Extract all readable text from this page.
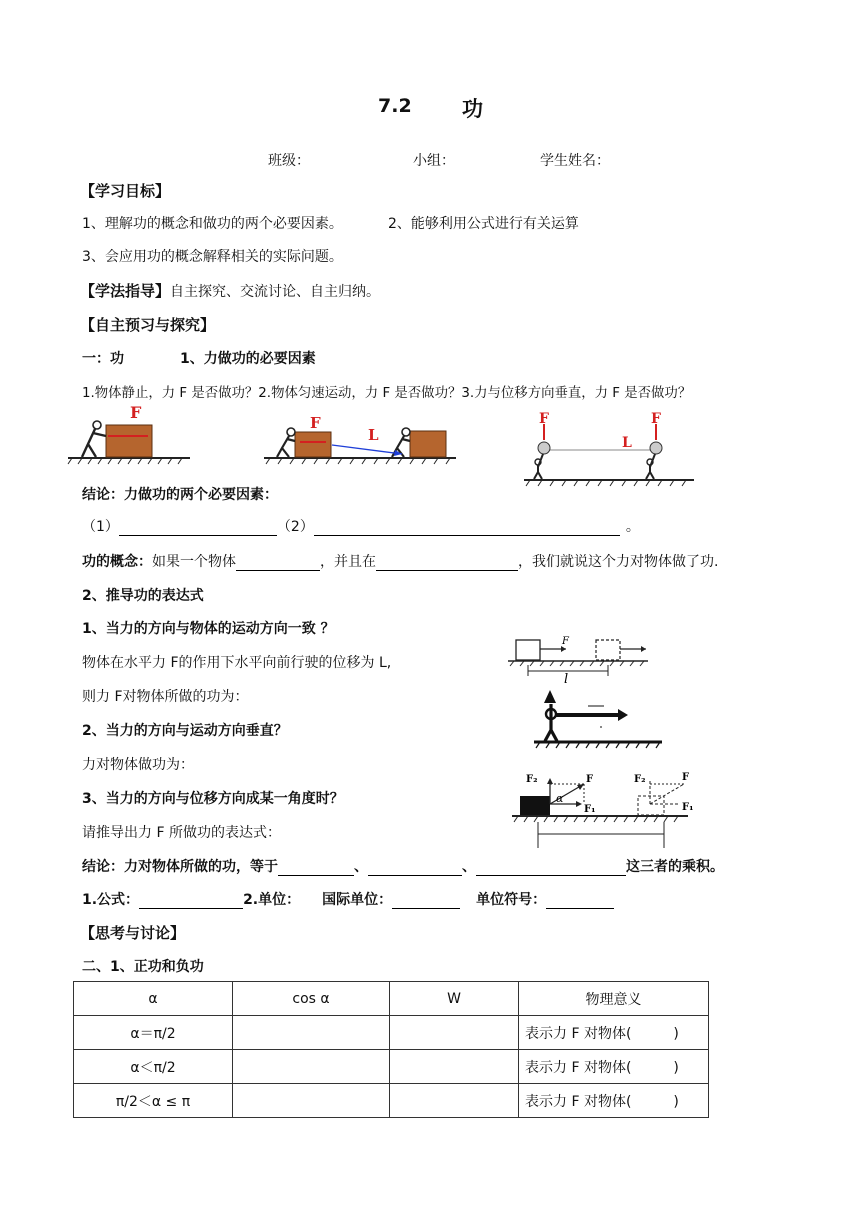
7.2 功
班级：	小组：	学生姓名：
【学习目标】
1、理解功的概念和做功的两个必要因素。	2、能够利用公式进行有关运算
3、会应用功的概念解释相关的实际问题。
【学法指导】自主探究、交流讨论、自主归纳。
【自主预习与探究】
一：功	1、力做功的必要因素
1.物体静止，力 F 是否做功？2.物体匀速运动，力 F 是否做功？3.力与位移方向垂直，力 F 是否做功？
F
F
L
F	F
L
结论：力做功的两个必要因素：
（1）	（2）	。
功的概念：如果一个物体	，并且在	，我们就说这个力对物体做了功.
2、推导功的表达式
1、当力的方向与物体的运动方向一致 ？
物体在水平力 F的作用下水平向前行驶的位移为 L,
则力 F对物体所做的功为：
F
l
2、当力的方向与运动方向垂直？
力对物体做功为：
3、当力的方向与位移方向成某一角度时？
请推导出力 F 所做功的表达式：
F₂	F
α
F₁
F₂	F
F₁
结论：力对物体所做的功，等于	、	、	这三者的乘积。
1.公式：	2.单位： 国际单位：	单位符号：
【思考与讨论】
二、1、正功和负功
α	cos α	W	物理意义
α＝π/2			表示力 F 对物体(　　　)
α＜π/2			表示力 F 对物体(　　　)
π/2＜α ≤ π			表示力 F 对物体(　　　)
